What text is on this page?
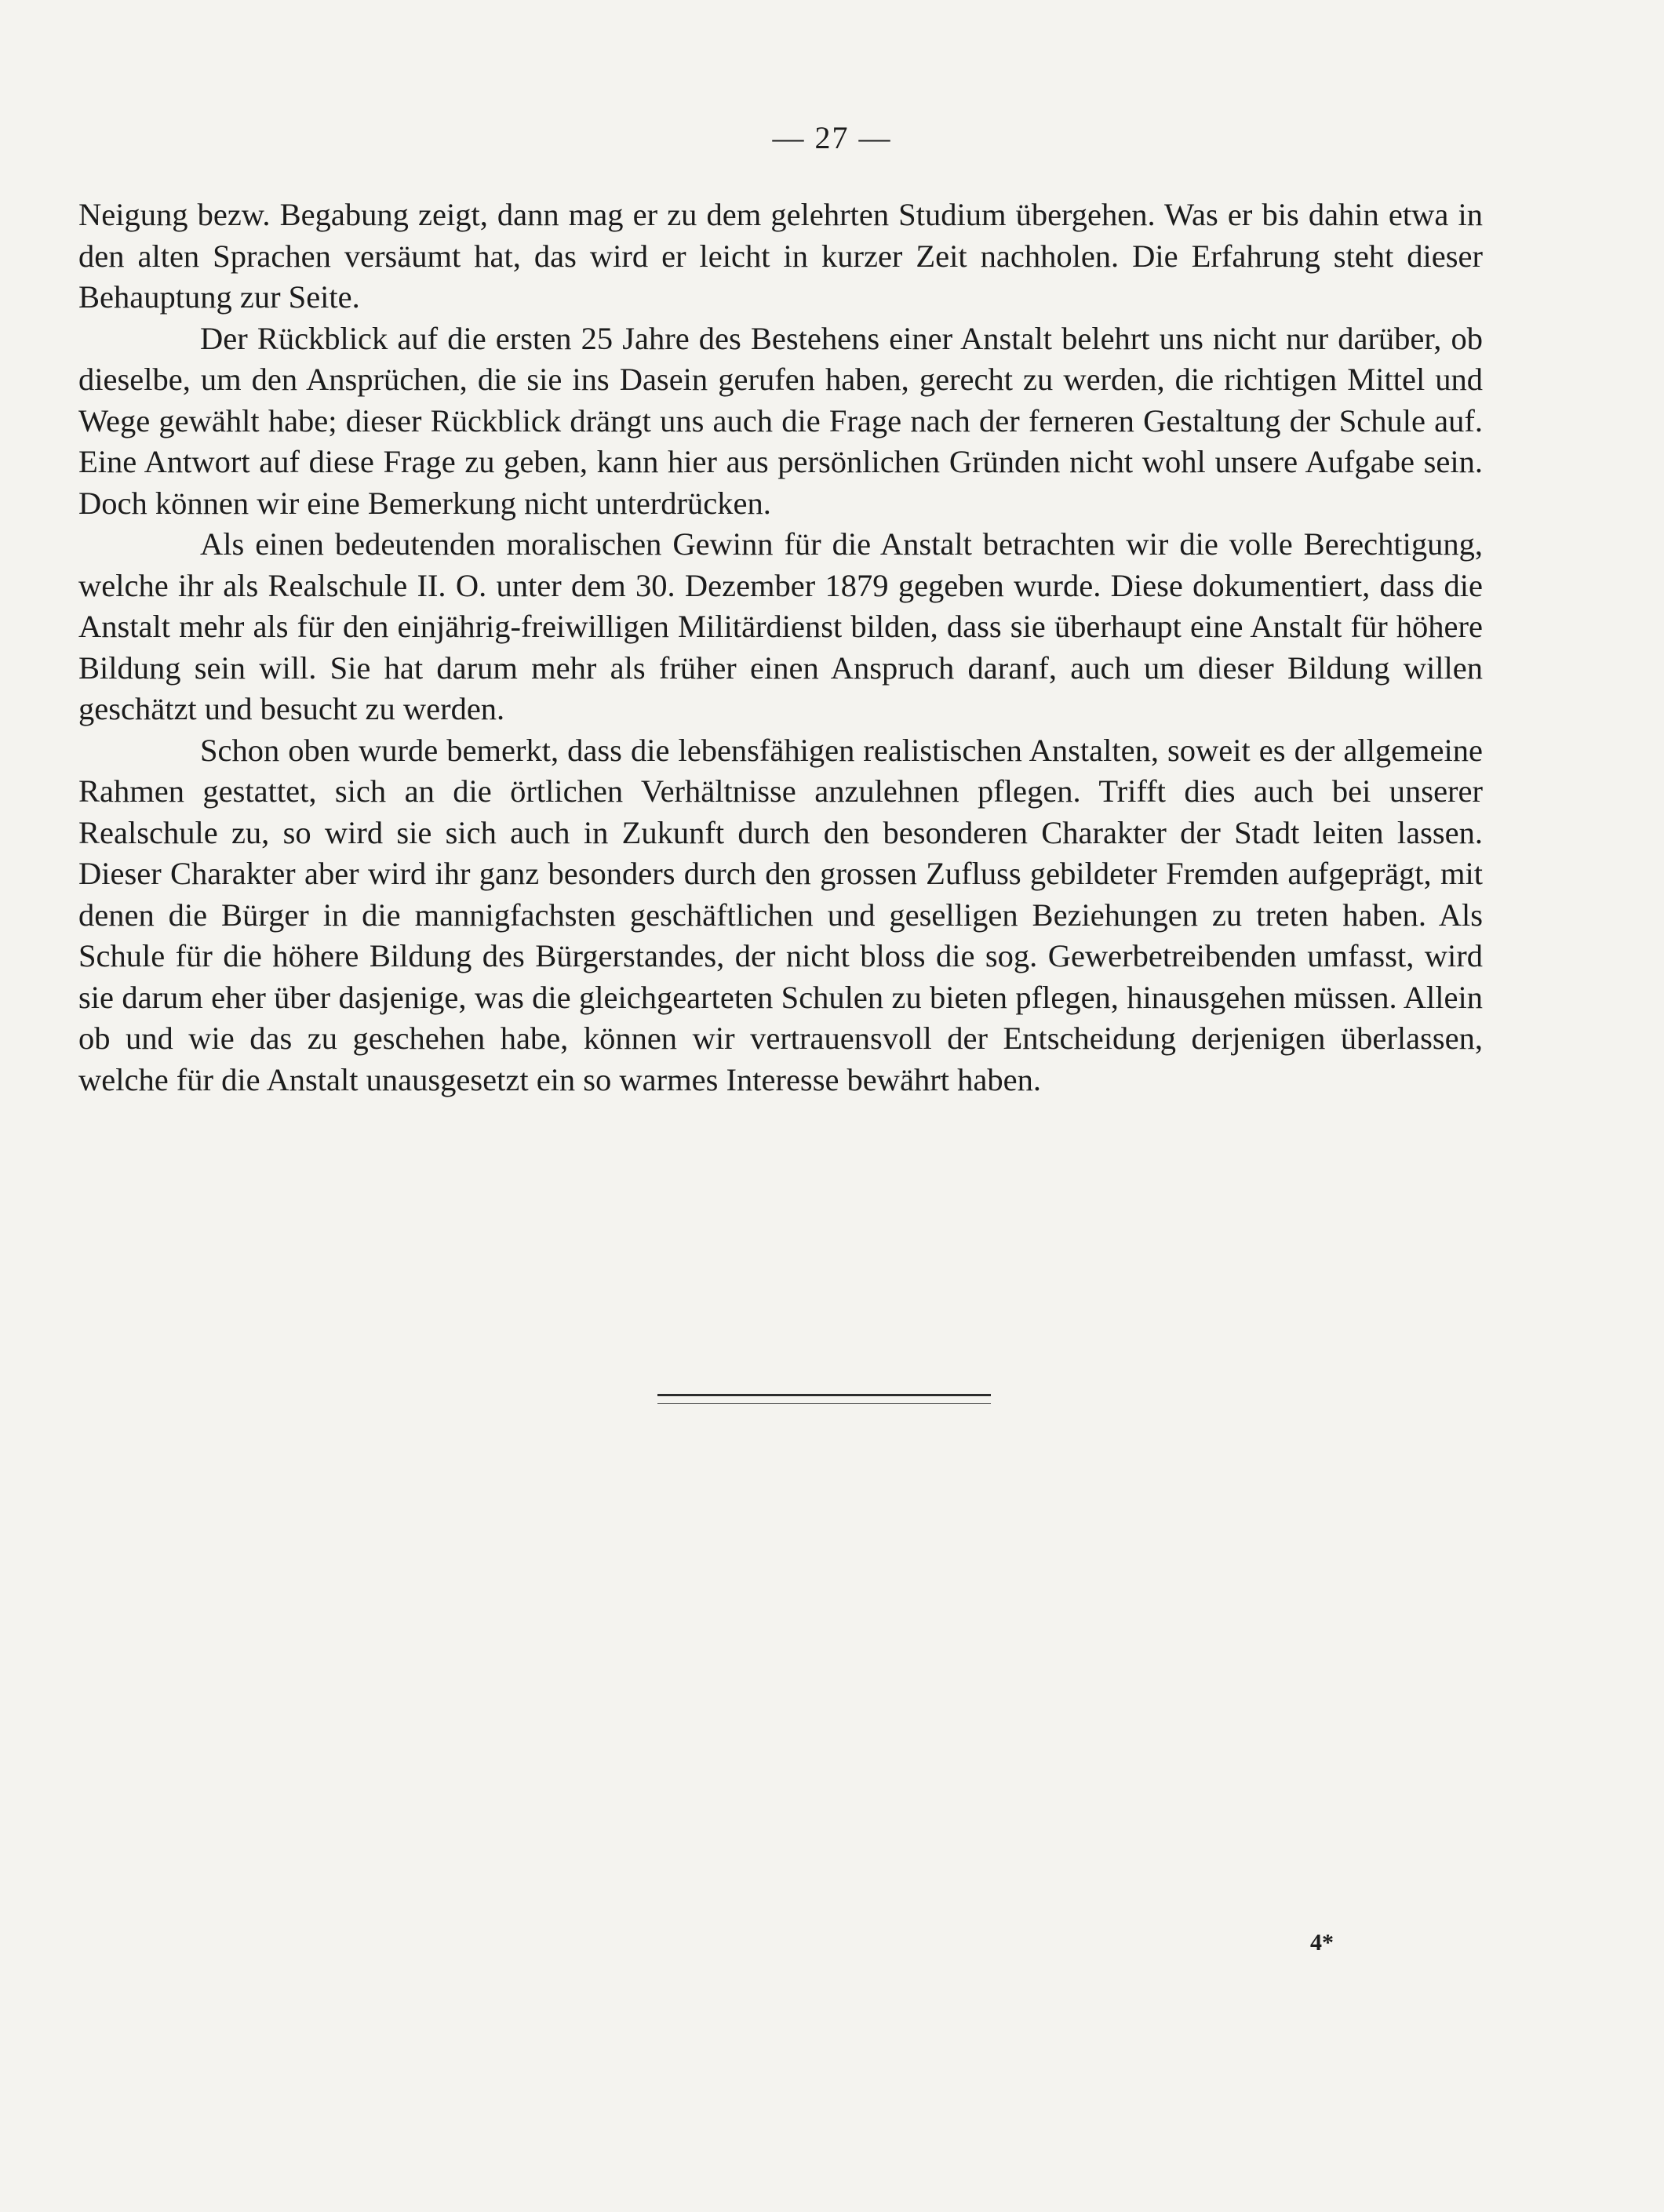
— 27 —

Neigung bezw. Begabung zeigt, dann mag er zu dem gelehrten Studium übergehen. Was er bis dahin etwa in den alten Sprachen versäumt hat, das wird er leicht in kurzer Zeit nachholen. Die Erfahrung steht dieser Behauptung zur Seite.

Der Rückblick auf die ersten 25 Jahre des Bestehens einer Anstalt belehrt uns nicht nur darüber, ob dieselbe, um den Ansprüchen, die sie ins Dasein gerufen haben, gerecht zu werden, die richtigen Mittel und Wege gewählt habe; dieser Rückblick drängt uns auch die Frage nach der ferneren Gestaltung der Schule auf. Eine Antwort auf diese Frage zu geben, kann hier aus persönlichen Gründen nicht wohl unsere Aufgabe sein. Doch können wir eine Bemerkung nicht unterdrücken.

Als einen bedeutenden moralischen Gewinn für die Anstalt betrachten wir die volle Berechtigung, welche ihr als Realschule II. O. unter dem 30. Dezember 1879 gegeben wurde. Diese dokumentiert, dass die Anstalt mehr als für den einjährig-freiwilligen Militärdienst bilden, dass sie überhaupt eine Anstalt für höhere Bildung sein will. Sie hat darum mehr als früher einen Anspruch daranf, auch um dieser Bildung willen geschätzt und besucht zu werden.

Schon oben wurde bemerkt, dass die lebensfähigen realistischen Anstalten, soweit es der allgemeine Rahmen gestattet, sich an die örtlichen Verhältnisse anzulehnen pflegen. Trifft dies auch bei unserer Realschule zu, so wird sie sich auch in Zukunft durch den besonderen Charakter der Stadt leiten lassen. Dieser Charakter aber wird ihr ganz besonders durch den grossen Zufluss gebildeter Fremden aufgeprägt, mit denen die Bürger in die mannigfachsten geschäftlichen und geselligen Beziehungen zu treten haben. Als Schule für die höhere Bildung des Bürgerstandes, der nicht bloss die sog. Gewerbetreibenden umfasst, wird sie darum eher über dasjenige, was die gleichgearteten Schulen zu bieten pflegen, hinausgehen müssen. Allein ob und wie das zu geschehen habe, können wir vertrauensvoll der Entscheidung derjenigen überlassen, welche für die Anstalt unausgesetzt ein so warmes Interesse bewährt haben.

4*
